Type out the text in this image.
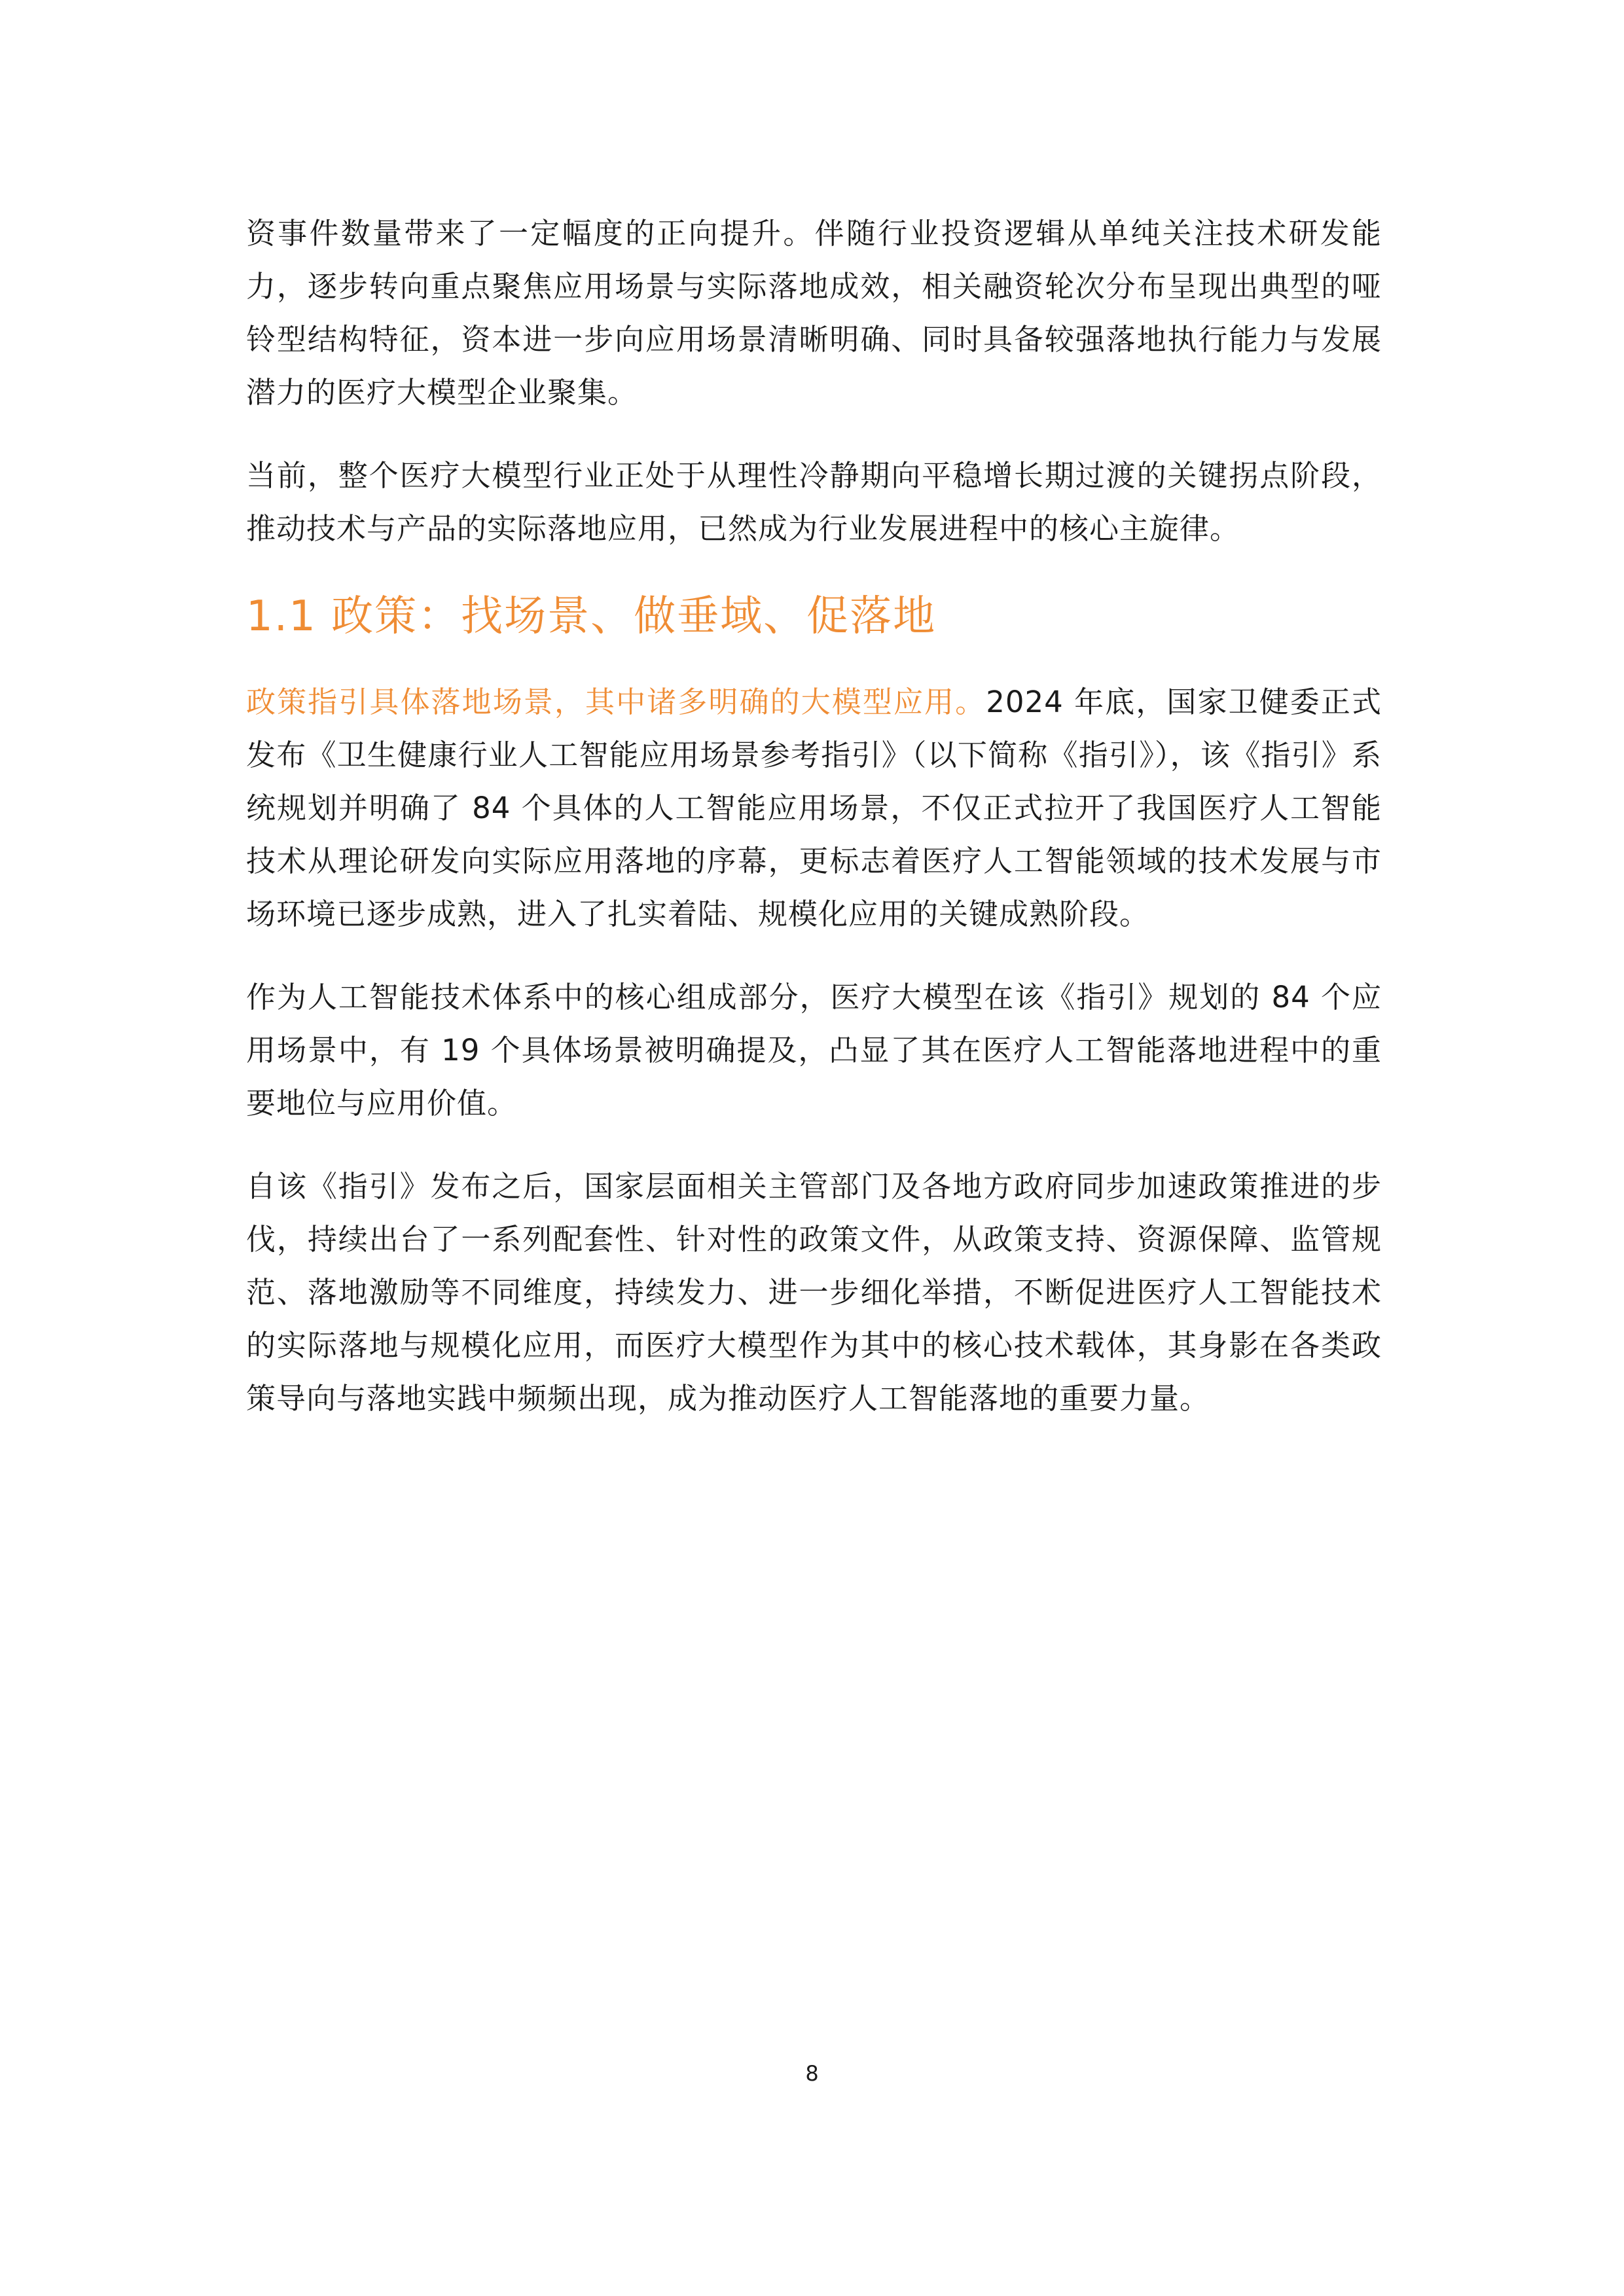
资事件数量带来了一定幅度的正向提升。伴随行业投资逻辑从单纯关注技术研发能力，逐步转向重点聚焦应用场景与实际落地成效，相关融资轮次分布呈现出典型的哑铃型结构特征，资本进一步向应用场景清晰明确、同时具备较强落地执行能力与发展潜力的医疗大模型企业聚集。

当前，整个医疗大模型行业正处于从理性冷静期向平稳增长期过渡的关键拐点阶段，推动技术与产品的实际落地应用，已然成为行业发展进程中的核心主旋律。

1.1 政策：找场景、做垂域、促落地

政策指引具体落地场景，其中诸多明确的大模型应用。2024 年底，国家卫健委正式发布《卫生健康行业人工智能应用场景参考指引》（以下简称《指引》），该《指引》系统规划并明确了 84 个具体的人工智能应用场景，不仅正式拉开了我国医疗人工智能技术从理论研发向实际应用落地的序幕，更标志着医疗人工智能领域的技术发展与市场环境已逐步成熟，进入了扎实着陆、规模化应用的关键成熟阶段。

作为人工智能技术体系中的核心组成部分，医疗大模型在该《指引》规划的 84 个应用场景中，有 19 个具体场景被明确提及，凸显了其在医疗人工智能落地进程中的重要地位与应用价值。

自该《指引》发布之后，国家层面相关主管部门及各地方政府同步加速政策推进的步伐，持续出台了一系列配套性、针对性的政策文件，从政策支持、资源保障、监管规范、落地激励等不同维度，持续发力、进一步细化举措，不断促进医疗人工智能技术的实际落地与规模化应用，而医疗大模型作为其中的核心技术载体，其身影在各类政策导向与落地实践中频频出现，成为推动医疗人工智能落地的重要力量。

8
